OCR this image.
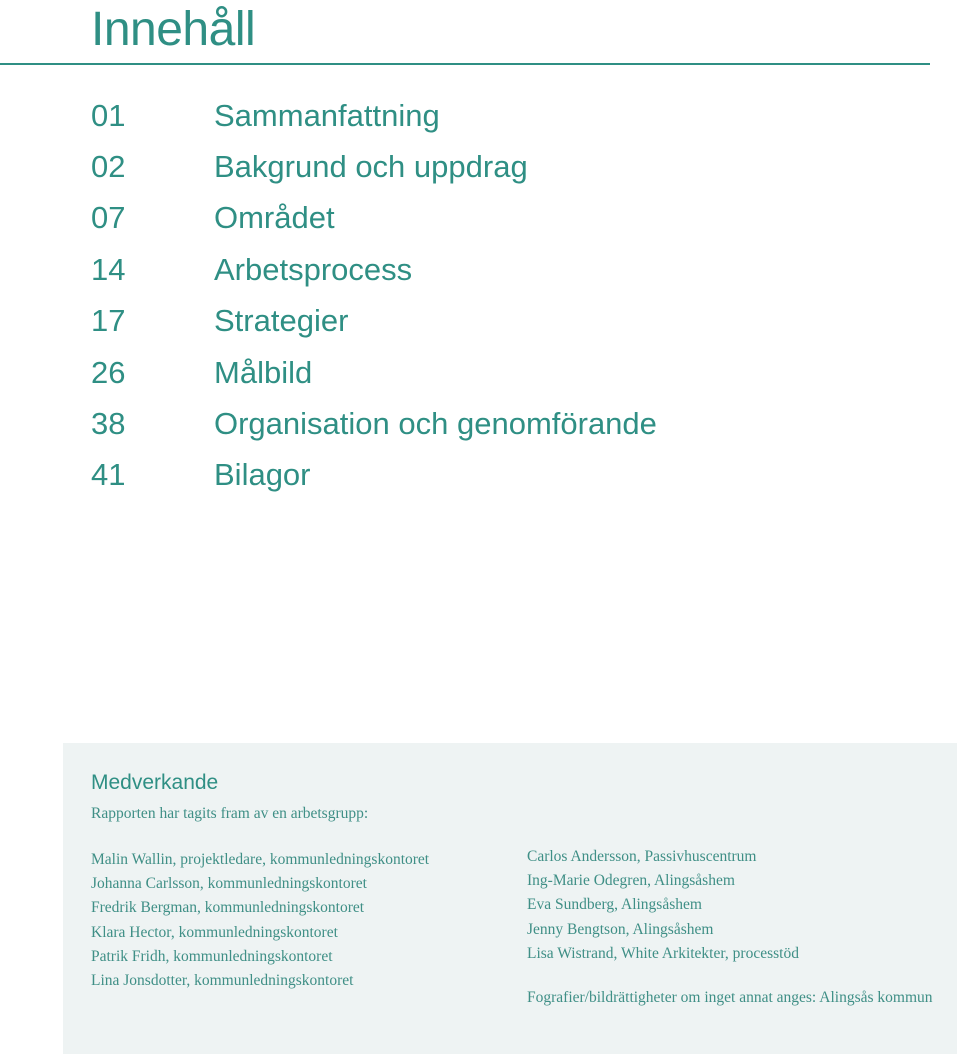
Innehåll
01	Sammanfattning
02	Bakgrund och uppdrag
07	Området
14	Arbetsprocess
17	Strategier
26	Målbild
38	Organisation och genomförande
41	Bilagor
Medverkande
Rapporten har tagits fram av en arbetsgrupp:
Malin Wallin, projektledare, kommunledningskontoret
Johanna Carlsson, kommunledningskontoret
Fredrik Bergman, kommunledningskontoret
Klara Hector, kommunledningskontoret
Patrik Fridh, kommunledningskontoret
Lina Jonsdotter, kommunledningskontoret
Carlos Andersson, Passivhuscentrum
Ing-Marie Odegren, Alingsåshem
Eva Sundberg, Alingsåshem
Jenny Bengtson, Alingsåshem
Lisa Wistrand, White Arkitekter, processtöd
Fografier/bildrättigheter om inget annat anges: Alingsås kommun
